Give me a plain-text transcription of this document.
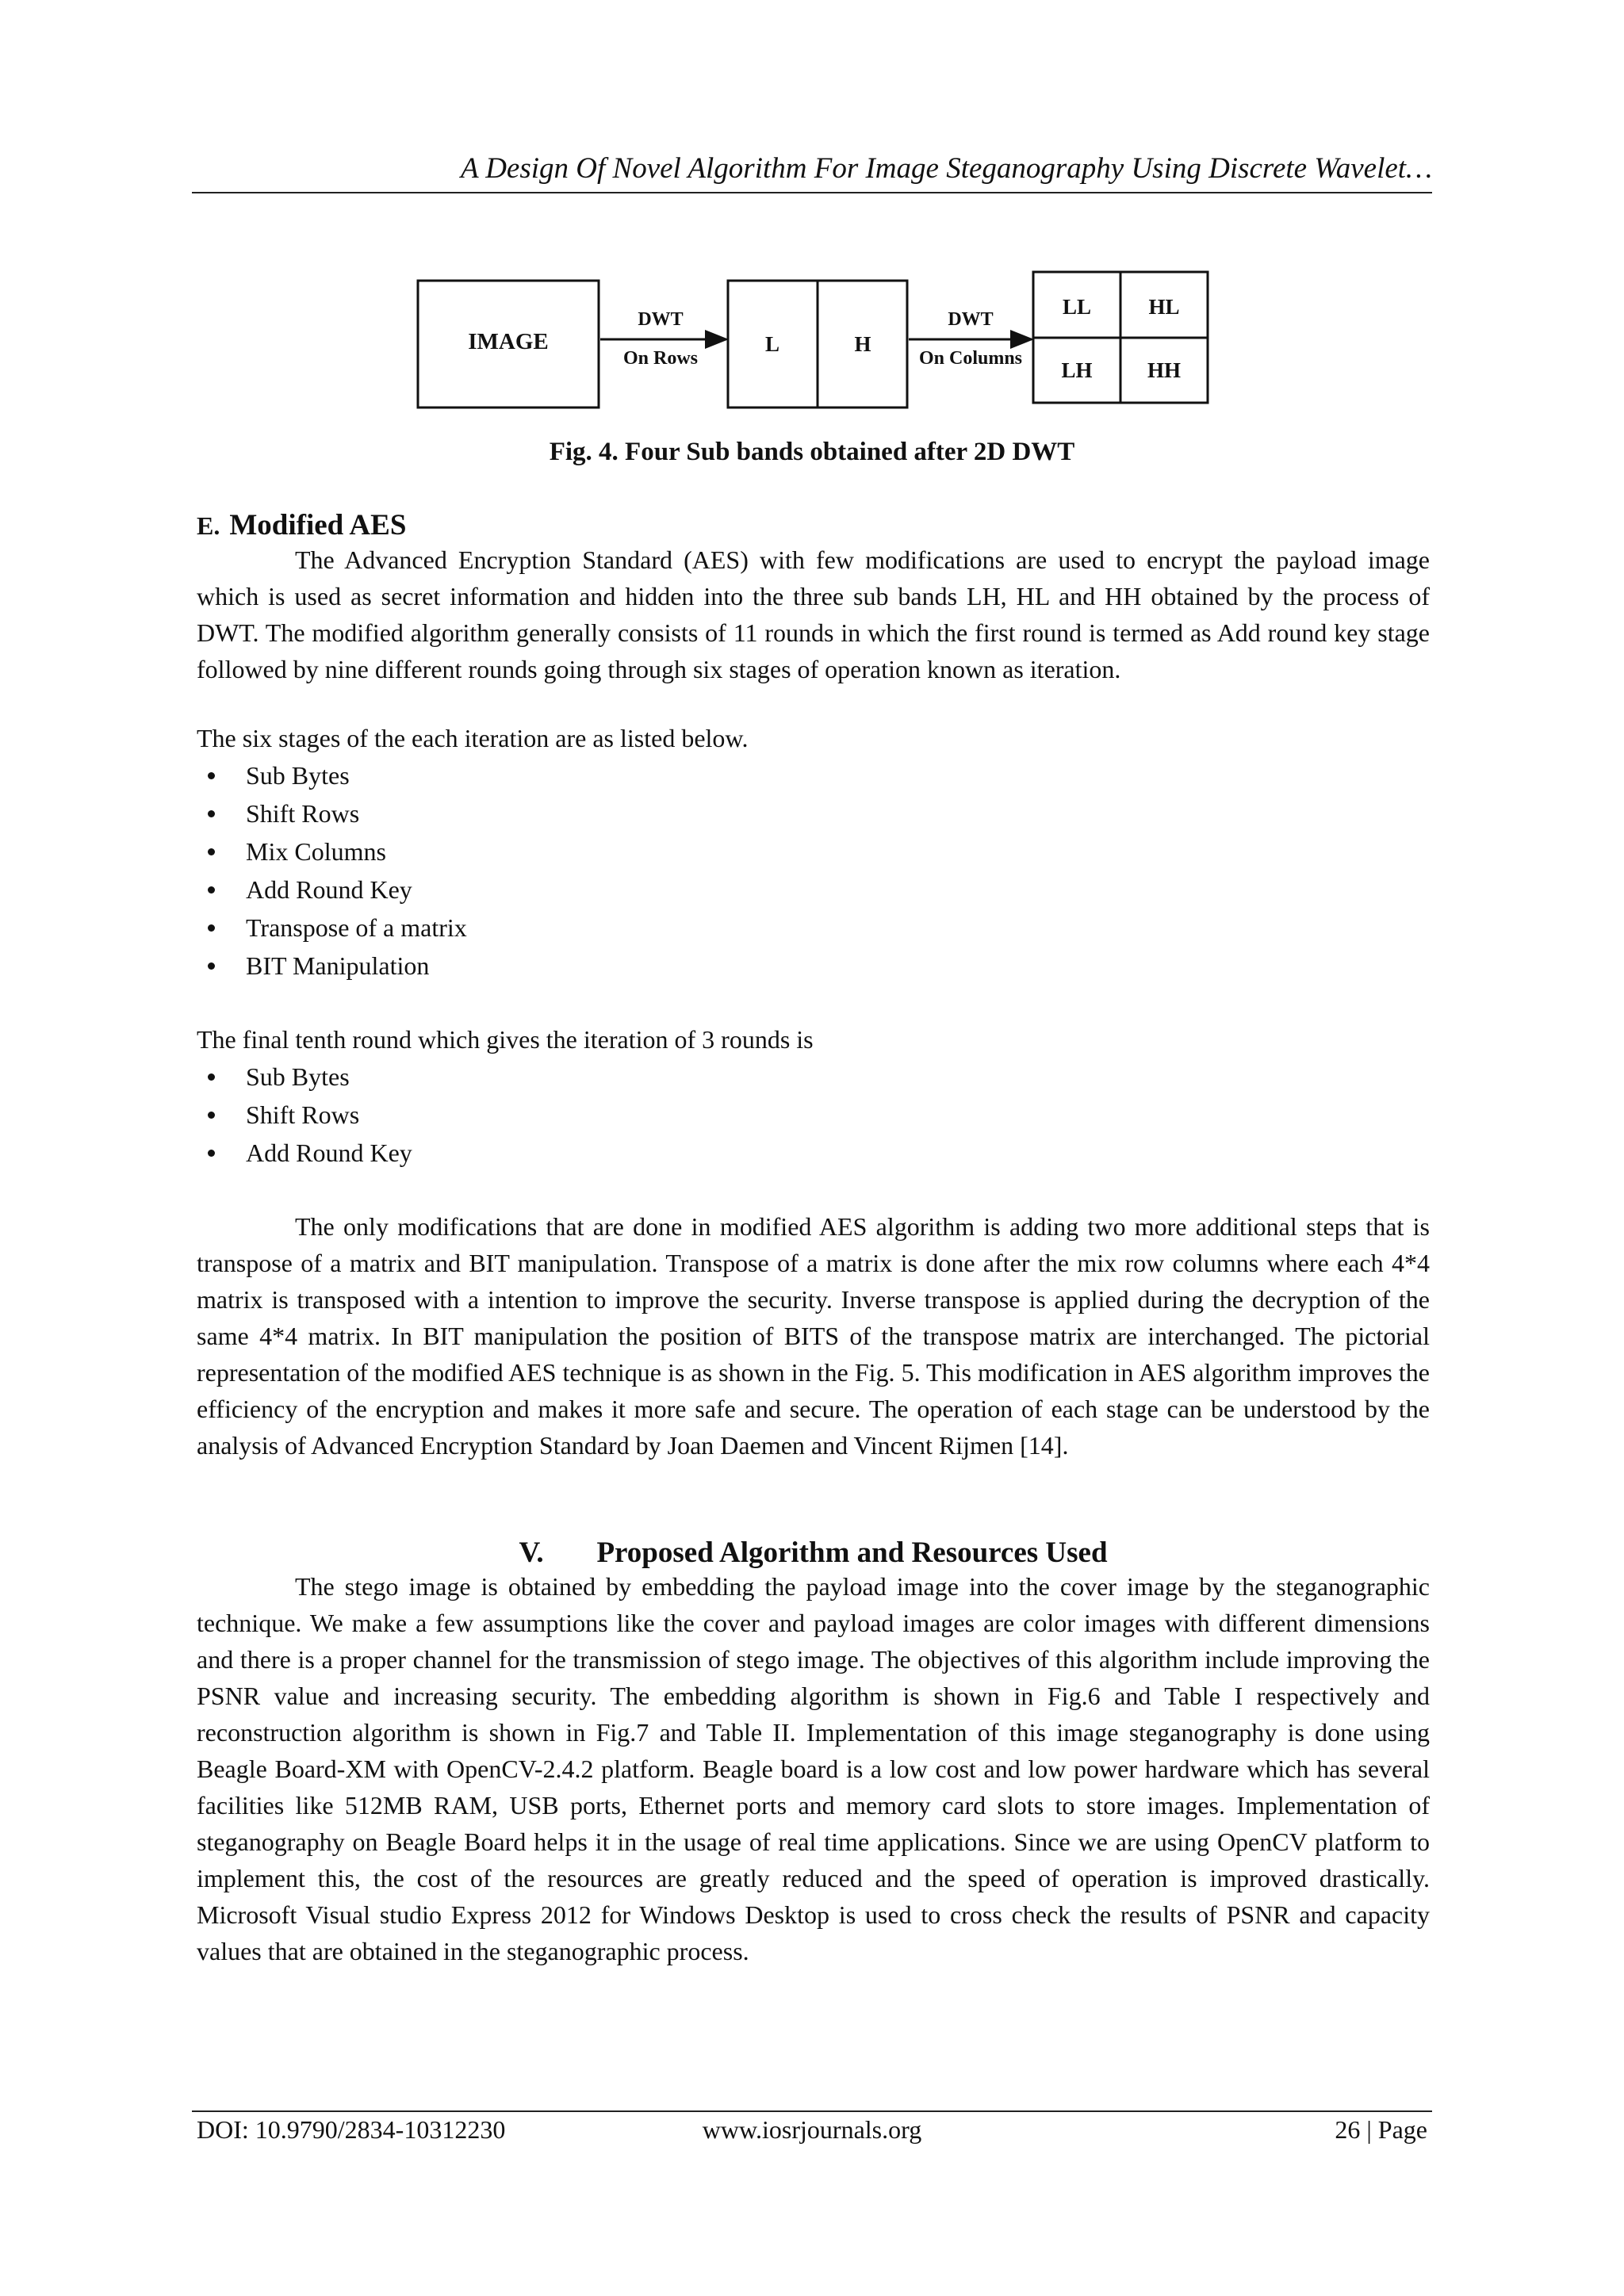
A Design Of Novel Algorithm For Image Steganography Using Discrete Wavelet…
IMAGE
DWT
On Rows
L	H
DWT
On Columns
LL	HL
LH	HH
Fig. 4. Four Sub bands obtained after 2D DWT
E. Modified AES

The Advanced Encryption Standard (AES) with few modifications are used to encrypt the payload image which is used as secret information and hidden into the three sub bands LH, HL and HH obtained by the process of DWT. The modified algorithm generally consists of 11 rounds in which the first round is termed as Add round key stage followed by nine different rounds going through six stages of operation known as iteration.

The six stages of the each iteration are as listed below.

Sub Bytes
Shift Rows
Mix Columns
Add Round Key
Transpose of a matrix
BIT Manipulation

The final tenth round which gives the iteration of 3 rounds is

Sub Bytes
Shift Rows
Add Round Key

The only modifications that are done in modified AES algorithm is adding two more additional steps that is transpose of a matrix and BIT manipulation. Transpose of a matrix is done after the mix row columns where each 4*4 matrix is transposed with a intention to improve the security. Inverse transpose is applied during the decryption of the same 4*4 matrix. In BIT manipulation the position of BITS of the transpose matrix are interchanged. The pictorial representation of the modified AES technique is as shown in the Fig. 5. This modification in AES algorithm improves the efficiency of the encryption and makes it more safe and secure. The operation of each stage can be understood by the analysis of Advanced Encryption Standard by Joan Daemen and Vincent Rijmen [14].

V. Proposed Algorithm and Resources Used

The stego image is obtained by embedding the payload image into the cover image by the steganographic technique. We make a few assumptions like the cover and payload images are color images with different dimensions and there is a proper channel for the transmission of stego image. The objectives of this algorithm include improving the PSNR value and increasing security. The embedding algorithm is shown in Fig.6 and Table I respectively and reconstruction algorithm is shown in Fig.7 and Table II. Implementation of this image steganography is done using Beagle Board-XM with OpenCV-2.4.2 platform. Beagle board is a low cost and low power hardware which has several facilities like 512MB RAM, USB ports, Ethernet ports and memory card slots to store images. Implementation of steganography on Beagle Board helps it in the usage of real time applications. Since we are using OpenCV platform to implement this, the cost of the resources are greatly reduced and the speed of operation is improved drastically. Microsoft Visual studio Express 2012 for Windows Desktop is used to cross check the results of PSNR and capacity values that are obtained in the steganographic process.

DOI: 10.9790/2834-10312230	www.iosrjournals.org	26 | Page
